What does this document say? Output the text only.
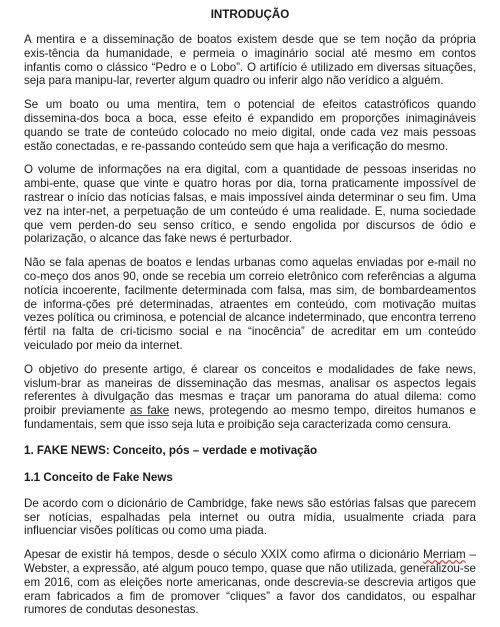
INTRODUÇÃO

A mentira e a disseminação de boatos existem desde que se tem noção da própria exis-tência da humanidade, e permeia o imaginário social até mesmo em contos infantis como o clássico “Pedro e o Lobo”. O artifício é utilizado em diversas situações, seja para manipu-lar, reverter algum quadro ou inferir algo não verídico a alguém.

Se um boato ou uma mentira, tem o potencial de efeitos catastróficos quando dissemina-dos boca a boca, esse efeito é expandido em proporções inimagináveis quando se trate de conteúdo colocado no meio digital, onde cada vez mais pessoas estão conectadas, e re-passando conteúdo sem que haja a verificação do mesmo.

O volume de informações na era digital, com a quantidade de pessoas inseridas no ambi-ente, quase que vinte e quatro horas por dia, torna praticamente impossível de rastrear o início das notícias falsas, e mais impossível ainda determinar o seu fim. Uma vez na inter-net, a perpetuação de um conteúdo é uma realidade. E, numa sociedade que vem perden-do seu senso crítico, e sendo engolida por discursos de ódio e polarização, o alcance das fake news é perturbador.

Não se fala apenas de boatos e lendas urbanas como aquelas enviadas por e-mail no co-meço dos anos 90, onde se recebia um correio eletrônico com referências a alguma notícia incoerente, facilmente determinada com falsa, mas sim, de bombardeamentos de informa-ções pré determinadas, atraentes em conteúdo, com motivação muitas vezes política ou criminosa, e potencial de alcance indeterminado, que encontra terreno fértil na falta de cri-ticismo social e na “inocência” de acreditar em um conteúdo veiculado por meio da internet.

O objetivo do presente artigo, é clarear os conceitos e modalidades de fake news, vislum-brar as maneiras de disseminação das mesmas, analisar os aspectos legais referentes à divulgação das mesmas e traçar um panorama do atual dilema: como proibir previamente as fake news, protegendo ao mesmo tempo, direitos humanos e fundamentais, sem que isso seja luta e proibição seja caracterizada como censura.

1. FAKE NEWS: Conceito, pós – verdade e motivação
1.1 Conceito de Fake News

De acordo com o dicionário de Cambridge, fake news são estórias falsas que parecem ser notícias, espalhadas pela internet ou outra mídia, usualmente criada para influenciar visões políticas ou como uma piada.

Apesar de existir há tempos, desde o século XXIX como afirma o dicionário Merriam – Webster, a expressão, até algum pouco tempo, quase que não utilizada, generalizou-se em 2016, com as eleições norte americanas, onde descrevia-se descrevia artigos que eram fabricados a fim de promover “cliques” a favor dos candidatos, ou espalhar rumores de condutas desonestas.
